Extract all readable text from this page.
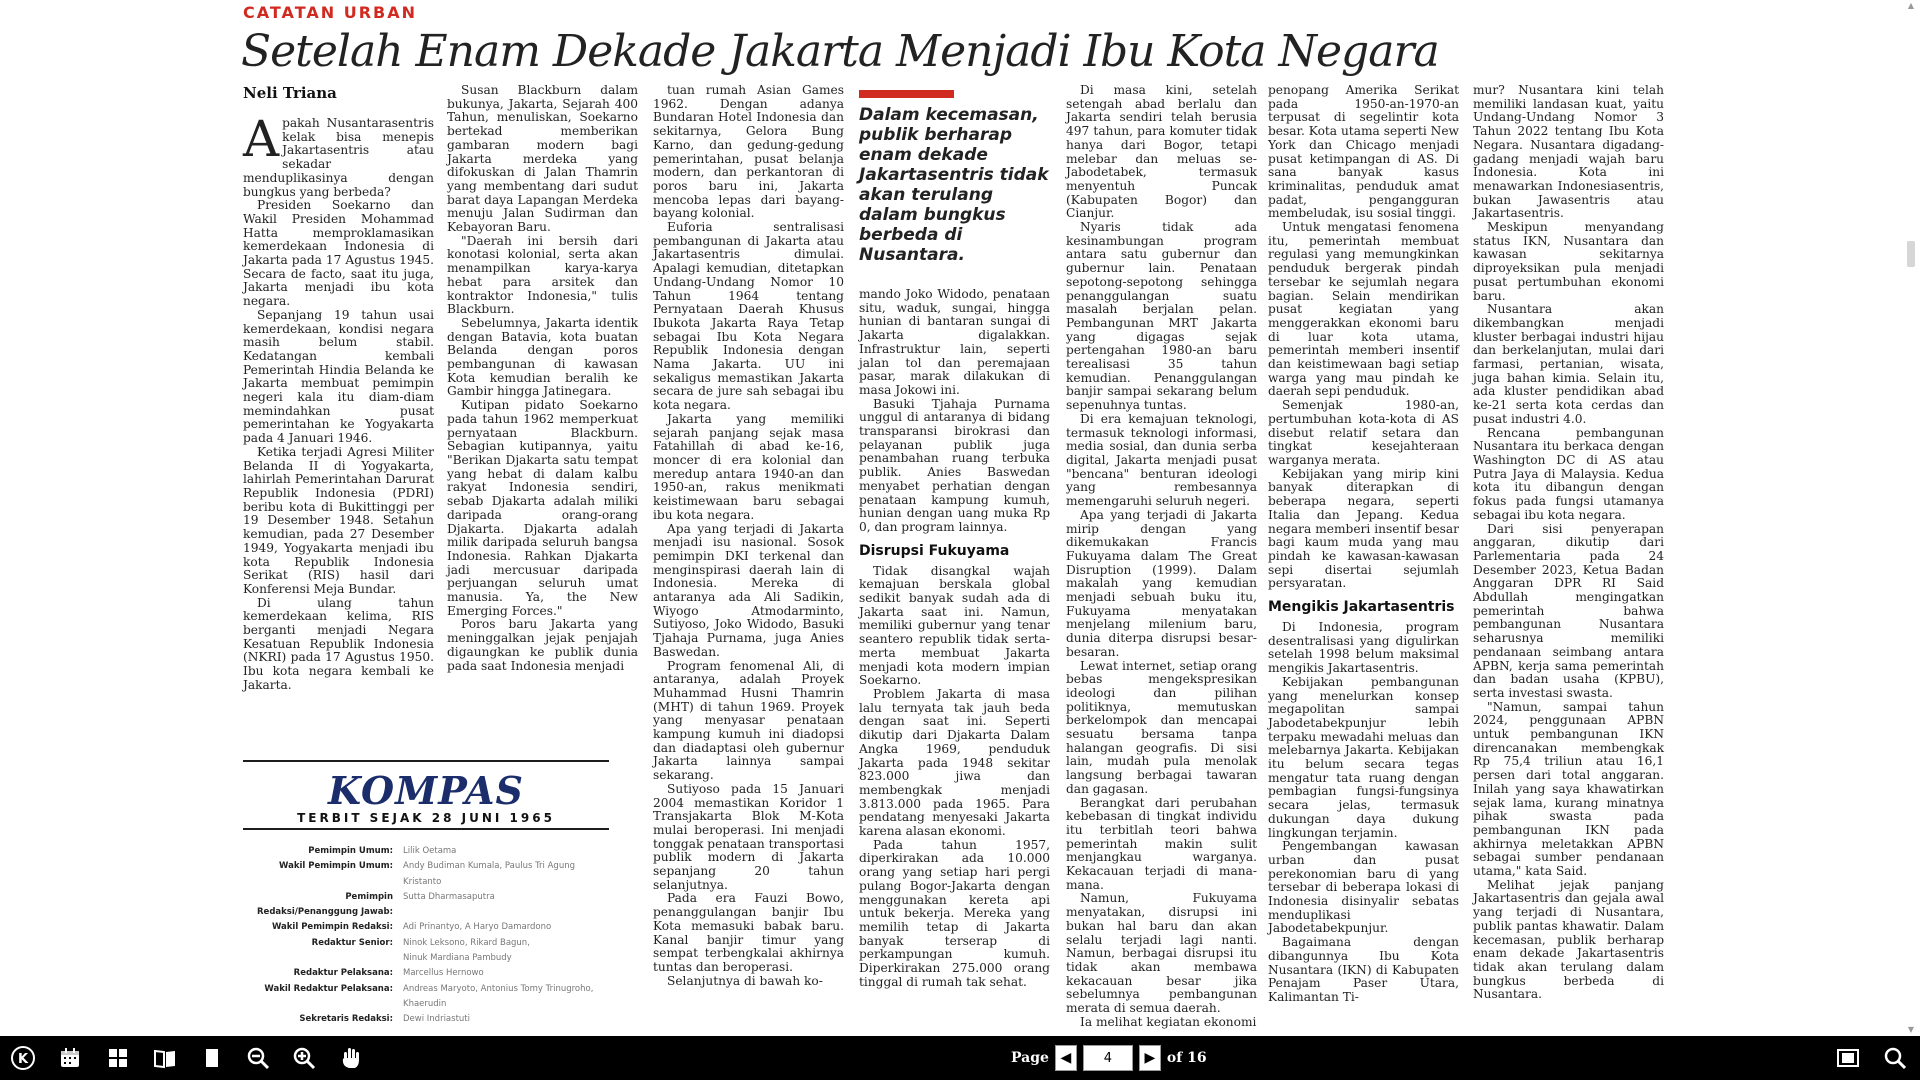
CATATAN URBAN
Setelah Enam Dekade Jakarta Menjadi Ibu Kota Negara
Neli Triana
A pakah Nusantarasentris kelak bisa menepis Jakartasentris atau sekadar menduplikasinya dengan bungkus yang berbeda?

Presiden Soekarno dan Wakil Presiden Mohammad Hatta memproklamasikan kemerdekaan Indonesia di Jakarta pada 17 Agustus 1945. Secara de facto, saat itu juga, Jakarta menjadi ibu kota negara.

Sepanjang 19 tahun usai kemerdekaan, kondisi negara masih belum stabil. Kedatangan kembali Pemerintah Hindia Belanda ke Jakarta membuat pemimpin negeri kala itu diam-diam memindahkan pusat pemerintahan ke Yogyakarta pada 4 Januari 1946.

Ketika terjadi Agresi Militer Belanda II di Yogyakarta, lahirlah Pemerintahan Darurat Republik Indonesia (PDRI) beribu kota di Bukittinggi per 19 Desember 1948. Setahun kemudian, pada 27 Desember 1949, Yogyakarta menjadi ibu kota Republik Indonesia Serikat (RIS) hasil dari Konferensi Meja Bundar.

Di ulang tahun kemerdekaan kelima, RIS berganti menjadi Negara Kesatuan Republik Indonesia (NKRI) pada 17 Agustus 1950. Ibu kota negara kembali ke Jakarta.

Susan Blackburn dalam bukunya, Jakarta, Sejarah 400 Tahun, menuliskan, Soekarno bertekad memberikan gambaran modern bagi Jakarta merdeka yang difokuskan di Jalan Thamrin yang membentang dari sudut barat daya Lapangan Merdeka menuju Jalan Sudirman dan Kebayoran Baru.

"Daerah ini bersih dari konotasi kolonial, serta akan menampilkan karya-karya hebat para arsitek dan kontraktor Indonesia," tulis Blackburn.

Sebelumnya, Jakarta identik dengan Batavia, kota buatan Belanda dengan poros pembangunan di kawasan Kota kemudian beralih ke Gambir hingga Jatinegara.

Kutipan pidato Soekarno pada tahun 1962 memperkuat pernyataan Blackburn. Sebagian kutipannya, yaitu "Berikan Djakarta satu tempat yang hebat di dalam kalbu rakyat Indonesia sendiri, sebab Djakarta adalah miliki daripada orang-orang Djakarta. Djakarta adalah milik daripada seluruh bangsa Indonesia. Rahkan Djakarta jadi mercusuar daripada perjuangan seluruh umat manusia. Ya, the New Emerging Forces."

Poros baru Jakarta yang meninggalkan jejak penjajah digaungkan ke publik dunia pada saat Indonesia menjadi

tuan rumah Asian Games 1962. Dengan adanya Bundaran Hotel Indonesia dan sekitarnya, Gelora Bung Karno, dan gedung-gedung pemerintahan, pusat belanja modern, dan perkantoran di poros baru ini, Jakarta mencoba lepas dari bayang-bayang kolonial.

Euforia sentralisasi pembangunan di Jakarta atau Jakartasentris dimulai. Apalagi kemudian, ditetapkan Undang-Undang Nomor 10 Tahun 1964 tentang Pernyataan Daerah Khusus Ibukota Jakarta Raya Tetap sebagai Ibu Kota Negara Republik Indonesia dengan Nama Jakarta. UU ini sekaligus memastikan Jakarta secara de jure sah sebagai ibu kota negara.

Jakarta yang memiliki sejarah panjang sejak masa Fatahillah di abad ke-16, moncer di era kolonial dan meredup antara 1940-an dan 1950-an, rakus menikmati keistimewaan baru sebagai ibu kota negara.

Apa yang terjadi di Jakarta menjadi isu nasional. Sosok pemimpin DKI terkenal dan menginspirasi daerah lain di Indonesia. Mereka di antaranya ada Ali Sadikin, Wiyogo Atmodarminto, Sutiyoso, Joko Widodo, Basuki Tjahaja Purnama, juga Anies Baswedan.

Program fenomenal Ali, di antaranya, adalah Proyek Muhammad Husni Thamrin (MHT) di tahun 1969. Proyek yang menyasar penataan kampung kumuh ini diadopsi dan diadaptasi oleh gubernur Jakarta lainnya sampai sekarang.

Sutiyoso pada 15 Januari 2004 memastikan Koridor 1 Transjakarta Blok M-Kota mulai beroperasi. Ini menjadi tonggak penataan transportasi publik modern di Jakarta sepanjang 20 tahun selanjutnya.

Pada era Fauzi Bowo, penanggulangan banjir Ibu Kota memasuki babak baru. Kanal banjir timur yang sempat terbengkalai akhirnya tuntas dan beroperasi.

Selanjutnya di bawah ko-

Dalam kecemasan, publik berharap enam dekade Jakartasentris tidak akan terulang dalam bungkus berbeda di Nusantara.

mando Joko Widodo, penataan situ, waduk, sungai, hingga hunian di bantaran sungai di Jakarta digalakkan. Infrastruktur lain, seperti jalan tol dan peremajaan pasar, marak dilakukan di masa Jokowi ini.

Basuki Tjahaja Purnama unggul di antaranya di bidang transparansi birokrasi dan pelayanan publik juga penambahan ruang terbuka publik. Anies Baswedan menyabet perhatian dengan penataan kampung kumuh, hunian dengan uang muka Rp 0, dan program lainnya.

Disrupsi Fukuyama

Tidak disangkal wajah kemajuan berskala global sedikit banyak sudah ada di Jakarta saat ini. Namun, memiliki gubernur yang tenar seantero republik tidak serta-merta membuat Jakarta menjadi kota modern impian Soekarno.

Problem Jakarta di masa lalu ternyata tak jauh beda dengan saat ini. Seperti dikutip dari Djakarta Dalam Angka 1969, penduduk Jakarta pada 1948 sekitar 823.000 jiwa dan membengkak menjadi 3.813.000 pada 1965. Para pendatang menyesaki Jakarta karena alasan ekonomi.

Pada tahun 1957, diperkirakan ada 10.000 orang yang setiap hari pergi pulang Bogor-Jakarta dengan menggunakan kereta api untuk bekerja. Mereka yang memilih tetap di Jakarta banyak terserap di perkampungan kumuh. Diperkirakan 275.000 orang tinggal di rumah tak sehat.

Di masa kini, setelah setengah abad berlalu dan Jakarta sendiri telah berusia 497 tahun, para komuter tidak hanya dari Bogor, tetapi melebar dan meluas se-Jabodetabek, termasuk menyentuh Puncak (Kabupaten Bogor) dan Cianjur.

Nyaris tidak ada kesinambungan program antara satu gubernur dan gubernur lain. Penataan sepotong-sepotong sehingga penanggulangan suatu masalah berjalan pelan. Pembangunan MRT Jakarta yang digagas sejak pertengahan 1980-an baru terealisasi 35 tahun kemudian. Penanggulangan banjir sampai sekarang belum sepenuhnya tuntas.

Di era kemajuan teknologi, termasuk teknologi informasi, media sosial, dan dunia serba digital, Jakarta menjadi pusat "bencana" benturan ideologi yang rembesannya memengaruhi seluruh negeri.

Apa yang terjadi di Jakarta mirip dengan yang dikemukakan Francis Fukuyama dalam The Great Disruption (1999). Dalam makalah yang kemudian menjadi sebuah buku itu, Fukuyama menyatakan menjelang milenium baru, dunia diterpa disrupsi besar-besaran.

Lewat internet, setiap orang bebas mengekspresikan ideologi dan pilihan politiknya, memutuskan berkelompok dan mencapai sesuatu bersama tanpa halangan geografis. Di sisi lain, mudah pula menolak langsung berbagai tawaran dan gagasan.

Berangkat dari perubahan kebebasan di tingkat individu itu terbitlah teori bahwa pemerintah makin sulit menjangkau warganya. Kekacauan terjadi di mana-mana.

Namun, Fukuyama menyatakan, disrupsi ini bukan hal baru dan akan selalu terjadi lagi nanti. Namun, berbagai disrupsi itu tidak akan membawa kekacauan besar jika sebelumnya pembangunan merata di semua daerah.

Ia melihat kegiatan ekonomi

penopang Amerika Serikat pada 1950-an-1970-an terpusat di segelintir kota besar. Kota utama seperti New York dan Chicago menjadi pusat ketimpangan di AS. Di sana banyak kasus kriminalitas, penduduk amat padat, pengangguran membeludak, isu sosial tinggi.

Untuk mengatasi fenomena itu, pemerintah membuat regulasi yang memungkinkan penduduk bergerak pindah tersebar ke sejumlah negara bagian. Selain mendirikan pusat kegiatan yang menggerakkan ekonomi baru di luar kota utama, pemerintah memberi insentif dan keistimewaan bagi setiap warga yang mau pindah ke daerah sepi penduduk.

Semenjak 1980-an, pertumbuhan kota-kota di AS disebut relatif setara dan tingkat kesejahteraan warganya merata.

Kebijakan yang mirip kini banyak diterapkan di beberapa negara, seperti Italia dan Jepang. Kedua negara memberi insentif besar bagi kaum muda yang mau pindah ke kawasan-kawasan sepi disertai sejumlah persyaratan.

Mengikis Jakartasentris

Di Indonesia, program desentralisasi yang digulirkan setelah 1998 belum maksimal mengikis Jakartasentris.

Kebijakan pembangunan yang menelurkan konsep megapolitan sampai Jabodetabekpunjur lebih terpaku mewadahi meluas dan melebarnya Jakarta. Kebijakan itu belum secara tegas mengatur tata ruang dengan pembagian fungsi-fungsinya secara jelas, termasuk dukungan daya dukung lingkungan terjamin.

Pengembangan kawasan urban dan pusat perekonomian baru di yang tersebar di beberapa lokasi di Indonesia disinyalir sebatas menduplikasi Jabodetabekpunjur.

Bagaimana dengan dibangunnya Ibu Kota Nusantara (IKN) di Kabupaten Penajam Paser Utara, Kalimantan Ti-

mur? Nusantara kini telah memiliki landasan kuat, yaitu Undang-Undang Nomor 3 Tahun 2022 tentang Ibu Kota Negara. Nusantara digadang-gadang menjadi wajah baru Indonesia. Kota ini menawarkan Indonesiasentris, bukan Jawasentris atau Jakartasentris.

Meskipun menyandang status IKN, Nusantara dan kawasan sekitarnya diproyeksikan pula menjadi pusat pertumbuhan ekonomi baru.

Nusantara akan dikembangkan menjadi kluster berbagai industri hijau dan berkelanjutan, mulai dari farmasi, pertanian, wisata, juga bahan kimia. Selain itu, ada kluster pendidikan abad ke-21 serta kota cerdas dan pusat industri 4.0.

Rencana pembangunan Nusantara itu berkaca dengan Washington DC di AS atau Putra Jaya di Malaysia. Kedua kota itu dibangun dengan fokus pada fungsi utamanya sebagai ibu kota negara.

Dari sisi penyerapan anggaran, dikutip dari Parlementaria pada 24 Desember 2023, Ketua Badan Anggaran DPR RI Said Abdullah mengingatkan pemerintah bahwa pembangunan Nusantara seharusnya memiliki pendanaan seimbang antara APBN, kerja sama pemerintah dan badan usaha (KPBU), serta investasi swasta.

"Namun, sampai tahun 2024, penggunaan APBN untuk pembangunan IKN direncanakan membengkak Rp 75,4 triliun atau 16,1 persen dari total anggaran. Inilah yang saya khawatirkan sejak lama, kurang minatnya pihak swasta pada pembangunan IKN pada akhirnya meletakkan APBN sebagai sumber pendanaan utama," kata Said.

Melihat jejak panjang Jakartasentris dan gejala awal yang terjadi di Nusantara, publik pantas khawatir. Dalam kecemasan, publik berharap enam dekade Jakartasentris tidak akan terulang dalam bungkus berbeda di Nusantara.

KOMPAS
TERBIT SEJAK 28 JUNI 1965
Pemimpin Umum:	Lilik Oetama
Wakil Pemimpin Umum:	Andy Budiman Kumala, Paulus Tri Agung Kristanto
Pemimpin Redaksi/Penanggung Jawab:
Sutta Dharmasaputra
Wakil Pemimpin Redaksi:	Adi Prinantyo, A Haryo Damardono
Redaktur Senior:	Ninok Leksono, Rikard Bagun,
Ninuk Mardiana Pambudy
Redaktur Pelaksana:	Marcellus Hernowo
Wakil Redaktur Pelaksana:	Andreas Maryoto, Antonius Tomy Trinugroho,
Khaerudin
Sekretaris Redaksi:	Dewi Indriastuti
▲
▼
K	Page ◀
4	▶ of 16
